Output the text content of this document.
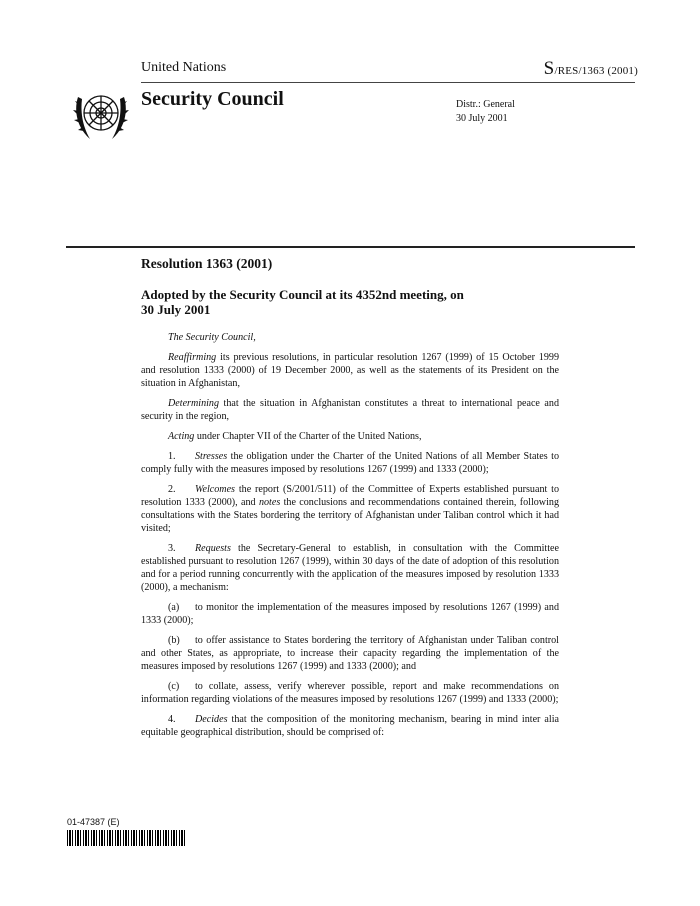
United Nations	S/RES/1363 (2001)
Security Council	Distr.: General
30 July 2001
Resolution 1363 (2001)
Adopted by the Security Council at its 4352nd meeting, on
30 July 2001

The Security Council,

Reaffirming its previous resolutions, in particular resolution 1267 (1999) of 15 October 1999 and resolution 1333 (2000) of 19 December 2000, as well as the statements of its President on the situation in Afghanistan,

Determining that the situation in Afghanistan constitutes a threat to international peace and security in the region,

Acting under Chapter VII of the Charter of the United Nations,

1. Stresses the obligation under the Charter of the United Nations of all Member States to comply fully with the measures imposed by resolutions 1267 (1999) and 1333 (2000);

2. Welcomes the report (S/2001/511) of the Committee of Experts established pursuant to resolution 1333 (2000), and notes the conclusions and recommendations contained therein, following consultations with the States bordering the territory of Afghanistan under Taliban control which it had visited;

3. Requests the Secretary-General to establish, in consultation with the Committee established pursuant to resolution 1267 (1999), within 30 days of the date of adoption of this resolution and for a period running concurrently with the application of the measures imposed by resolution 1333 (2000), a mechanism:

(a) to monitor the implementation of the measures imposed by resolutions 1267 (1999) and 1333 (2000);

(b) to offer assistance to States bordering the territory of Afghanistan under Taliban control and other States, as appropriate, to increase their capacity regarding the implementation of the measures imposed by resolutions 1267 (1999) and 1333 (2000); and

(c) to collate, assess, verify wherever possible, report and make recommendations on information regarding violations of the measures imposed by resolutions 1267 (1999) and 1333 (2000);

4. Decides that the composition of the monitoring mechanism, bearing in mind inter alia equitable geographical distribution, should be comprised of:

01-47387 (E)
